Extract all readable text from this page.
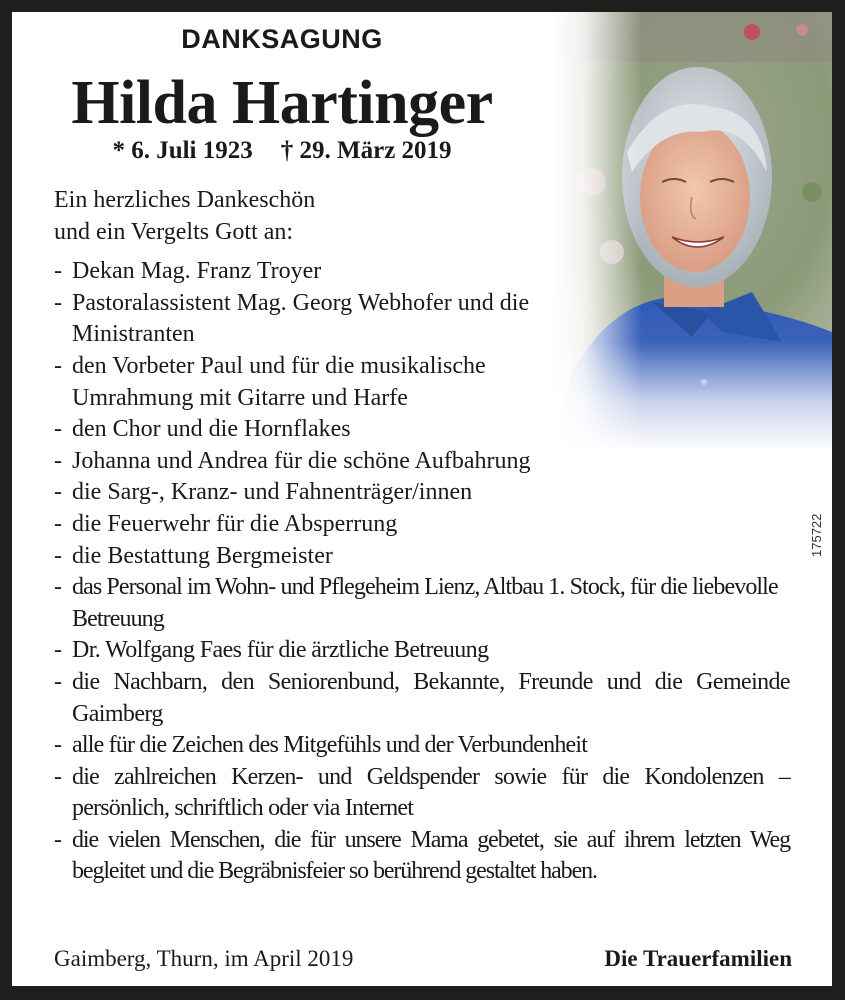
DANKSAGUNG
Hilda Hartinger
* 6. Juli 1923 † 29. März 2019
Ein herzliches Dankeschön
und ein Vergelts Gott an:
- Dekan Mag. Franz Troyer
- Pastoralassistent Mag. Georg Webhofer und die Ministranten
- den Vorbeter Paul und für die musikalische Umrahmung mit Gitarre und Harfe
- den Chor und die Hornflakes
- Johanna und Andrea für die schöne Aufbahrung
- die Sarg-, Kranz- und Fahnenträger/innen
- die Feuerwehr für die Absperrung
- die Bestattung Bergmeister
- das Personal im Wohn- und Pflegeheim Lienz, Altbau 1. Stock, für die liebevolle Betreuung
- Dr. Wolfgang Faes für die ärztliche Betreuung
- die Nachbarn, den Seniorenbund, Bekannte, Freunde und die Gemeinde Gaimberg
- alle für die Zeichen des Mitgefühls und der Verbundenheit
- die zahlreichen Kerzen- und Geldspender sowie für die Kondolenzen – persönlich, schriftlich oder via Internet
- die vielen Menschen, die für unsere Mama gebetet, sie auf ihrem letzten Weg begleitet und die Begräbnisfeier so berührend gestaltet haben.
Gaimberg, Thurn, im April 2019	Die Trauerfamilien
175722
